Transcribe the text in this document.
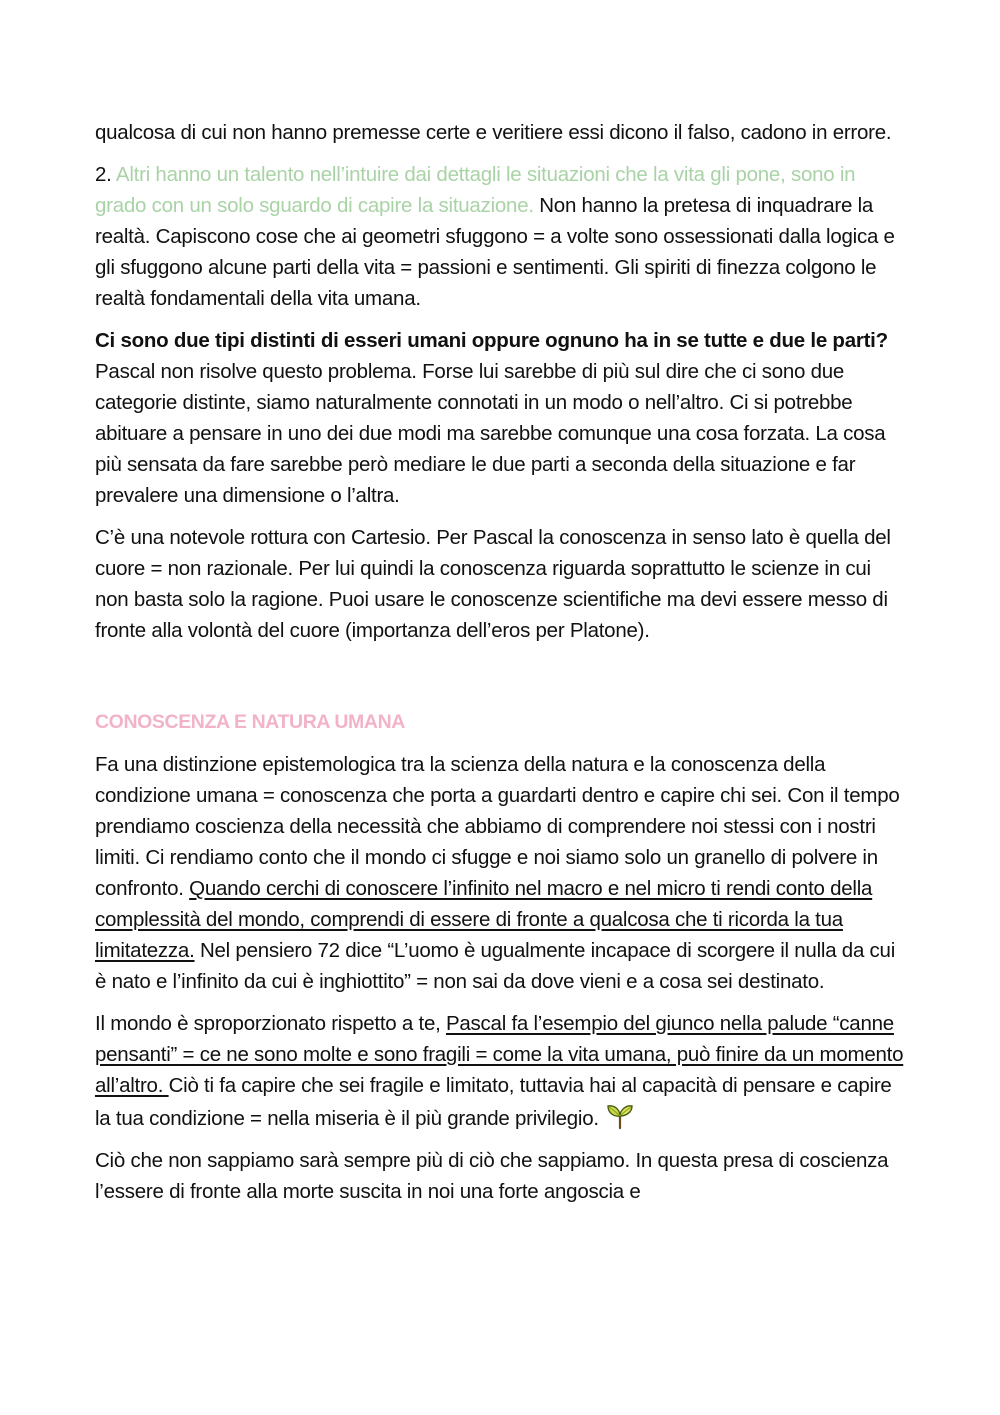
qualcosa di cui non hanno premesse certe e veritiere essi dicono il falso, cadono in errore.

2. Altri hanno un talento nell’intuire dai dettagli le situazioni che la vita gli pone, sono in grado con un solo sguardo di capire la situazione. Non hanno la pretesa di inquadrare la realtà. Capiscono cose che ai geometri sfuggono = a volte sono ossessionati dalla logica e gli sfuggono alcune parti della vita = passioni e sentimenti. Gli spiriti di finezza colgono le realtà fondamentali della vita umana.

Ci sono due tipi distinti di esseri umani oppure ognuno ha in se tutte e due le parti? Pascal non risolve questo problema. Forse lui sarebbe di più sul dire che ci sono due categorie distinte, siamo naturalmente connotati in un modo o nell’altro. Ci si potrebbe abituare a pensare in uno dei due modi ma sarebbe comunque una cosa forzata. La cosa più sensata da fare sarebbe però mediare le due parti a seconda della situazione e far prevalere una dimensione o l’altra.

C’è una notevole rottura con Cartesio. Per Pascal la conoscenza in senso lato è quella del cuore = non razionale. Per lui quindi la conoscenza riguarda soprattutto le scienze in cui non basta solo la ragione. Puoi usare le conoscenze scientifiche ma devi essere messo di fronte alla volontà del cuore (importanza dell’eros per Platone).

CONOSCENZA E NATURA UMANA

Fa una distinzione epistemologica tra la scienza della natura e la conoscenza della condizione umana = conoscenza che porta a guardarti dentro e capire chi sei. Con il tempo prendiamo coscienza della necessità che abbiamo di comprendere noi stessi con i nostri limiti. Ci rendiamo conto che il mondo ci sfugge e noi siamo solo un granello di polvere in confronto. Quando cerchi di conoscere l’infinito nel macro e nel micro ti rendi conto della complessità del mondo, comprendi di essere di fronte a qualcosa che ti ricorda la tua limitatezza. Nel pensiero 72 dice “L’uomo è ugualmente incapace di scorgere il nulla da cui è nato e l’infinito da cui è inghiottito” = non sai da dove vieni e a cosa sei destinato.

Il mondo è sproporzionato rispetto a te, Pascal fa l’esempio del giunco nella palude “canne pensanti” = ce ne sono molte e sono fragili = come la vita umana, può finire da un momento all’altro. Ciò ti fa capire che sei fragile e limitato, tuttavia hai al capacità di pensare e capire la tua condizione = nella miseria è il più grande privilegio.

Ciò che non sappiamo sarà sempre più di ciò che sappiamo. In questa presa di coscienza l’essere di fronte alla morte suscita in noi una forte angoscia e
